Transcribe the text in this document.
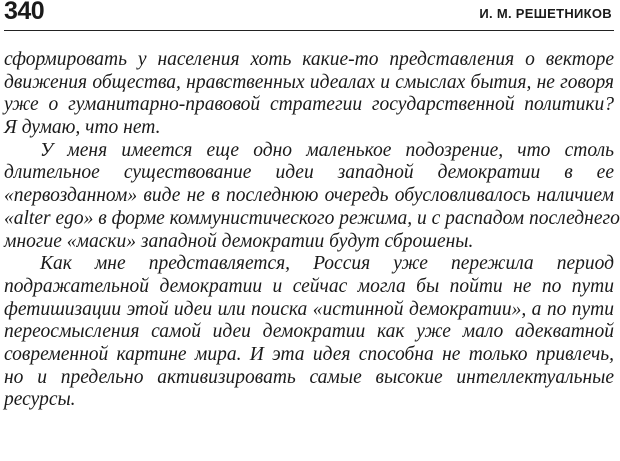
340	И. М. РЕШЕТНИКОВ
сформировать у населения хоть какие-то представления о векторе
движения общества, нравственных идеалах и смыслах бытия, не говоря
уже о гуманитарно-правовой стратегии государственной политики?
Я думаю, что нет.
У меня имеется еще одно маленькое подозрение, что столь
длительное существование идеи западной демократии в ее
«первозданном» виде не в последнюю очередь обусловливалось наличием
«alter ego» в форме коммунистического режима, и с распадом последнего
многие «маски» западной демократии будут сброшены.
Как мне представляется, Россия уже пережила период
подражательной демократии и сейчас могла бы пойти не по пути
фетишизации этой идеи или поиска «истинной демократии», а по пути
переосмысления самой идеи демократии как уже мало адекватной
современной картине мира. И эта идея способна не только привлечь,
но и предельно активизировать самые высокие интеллектуальные
ресурсы.
